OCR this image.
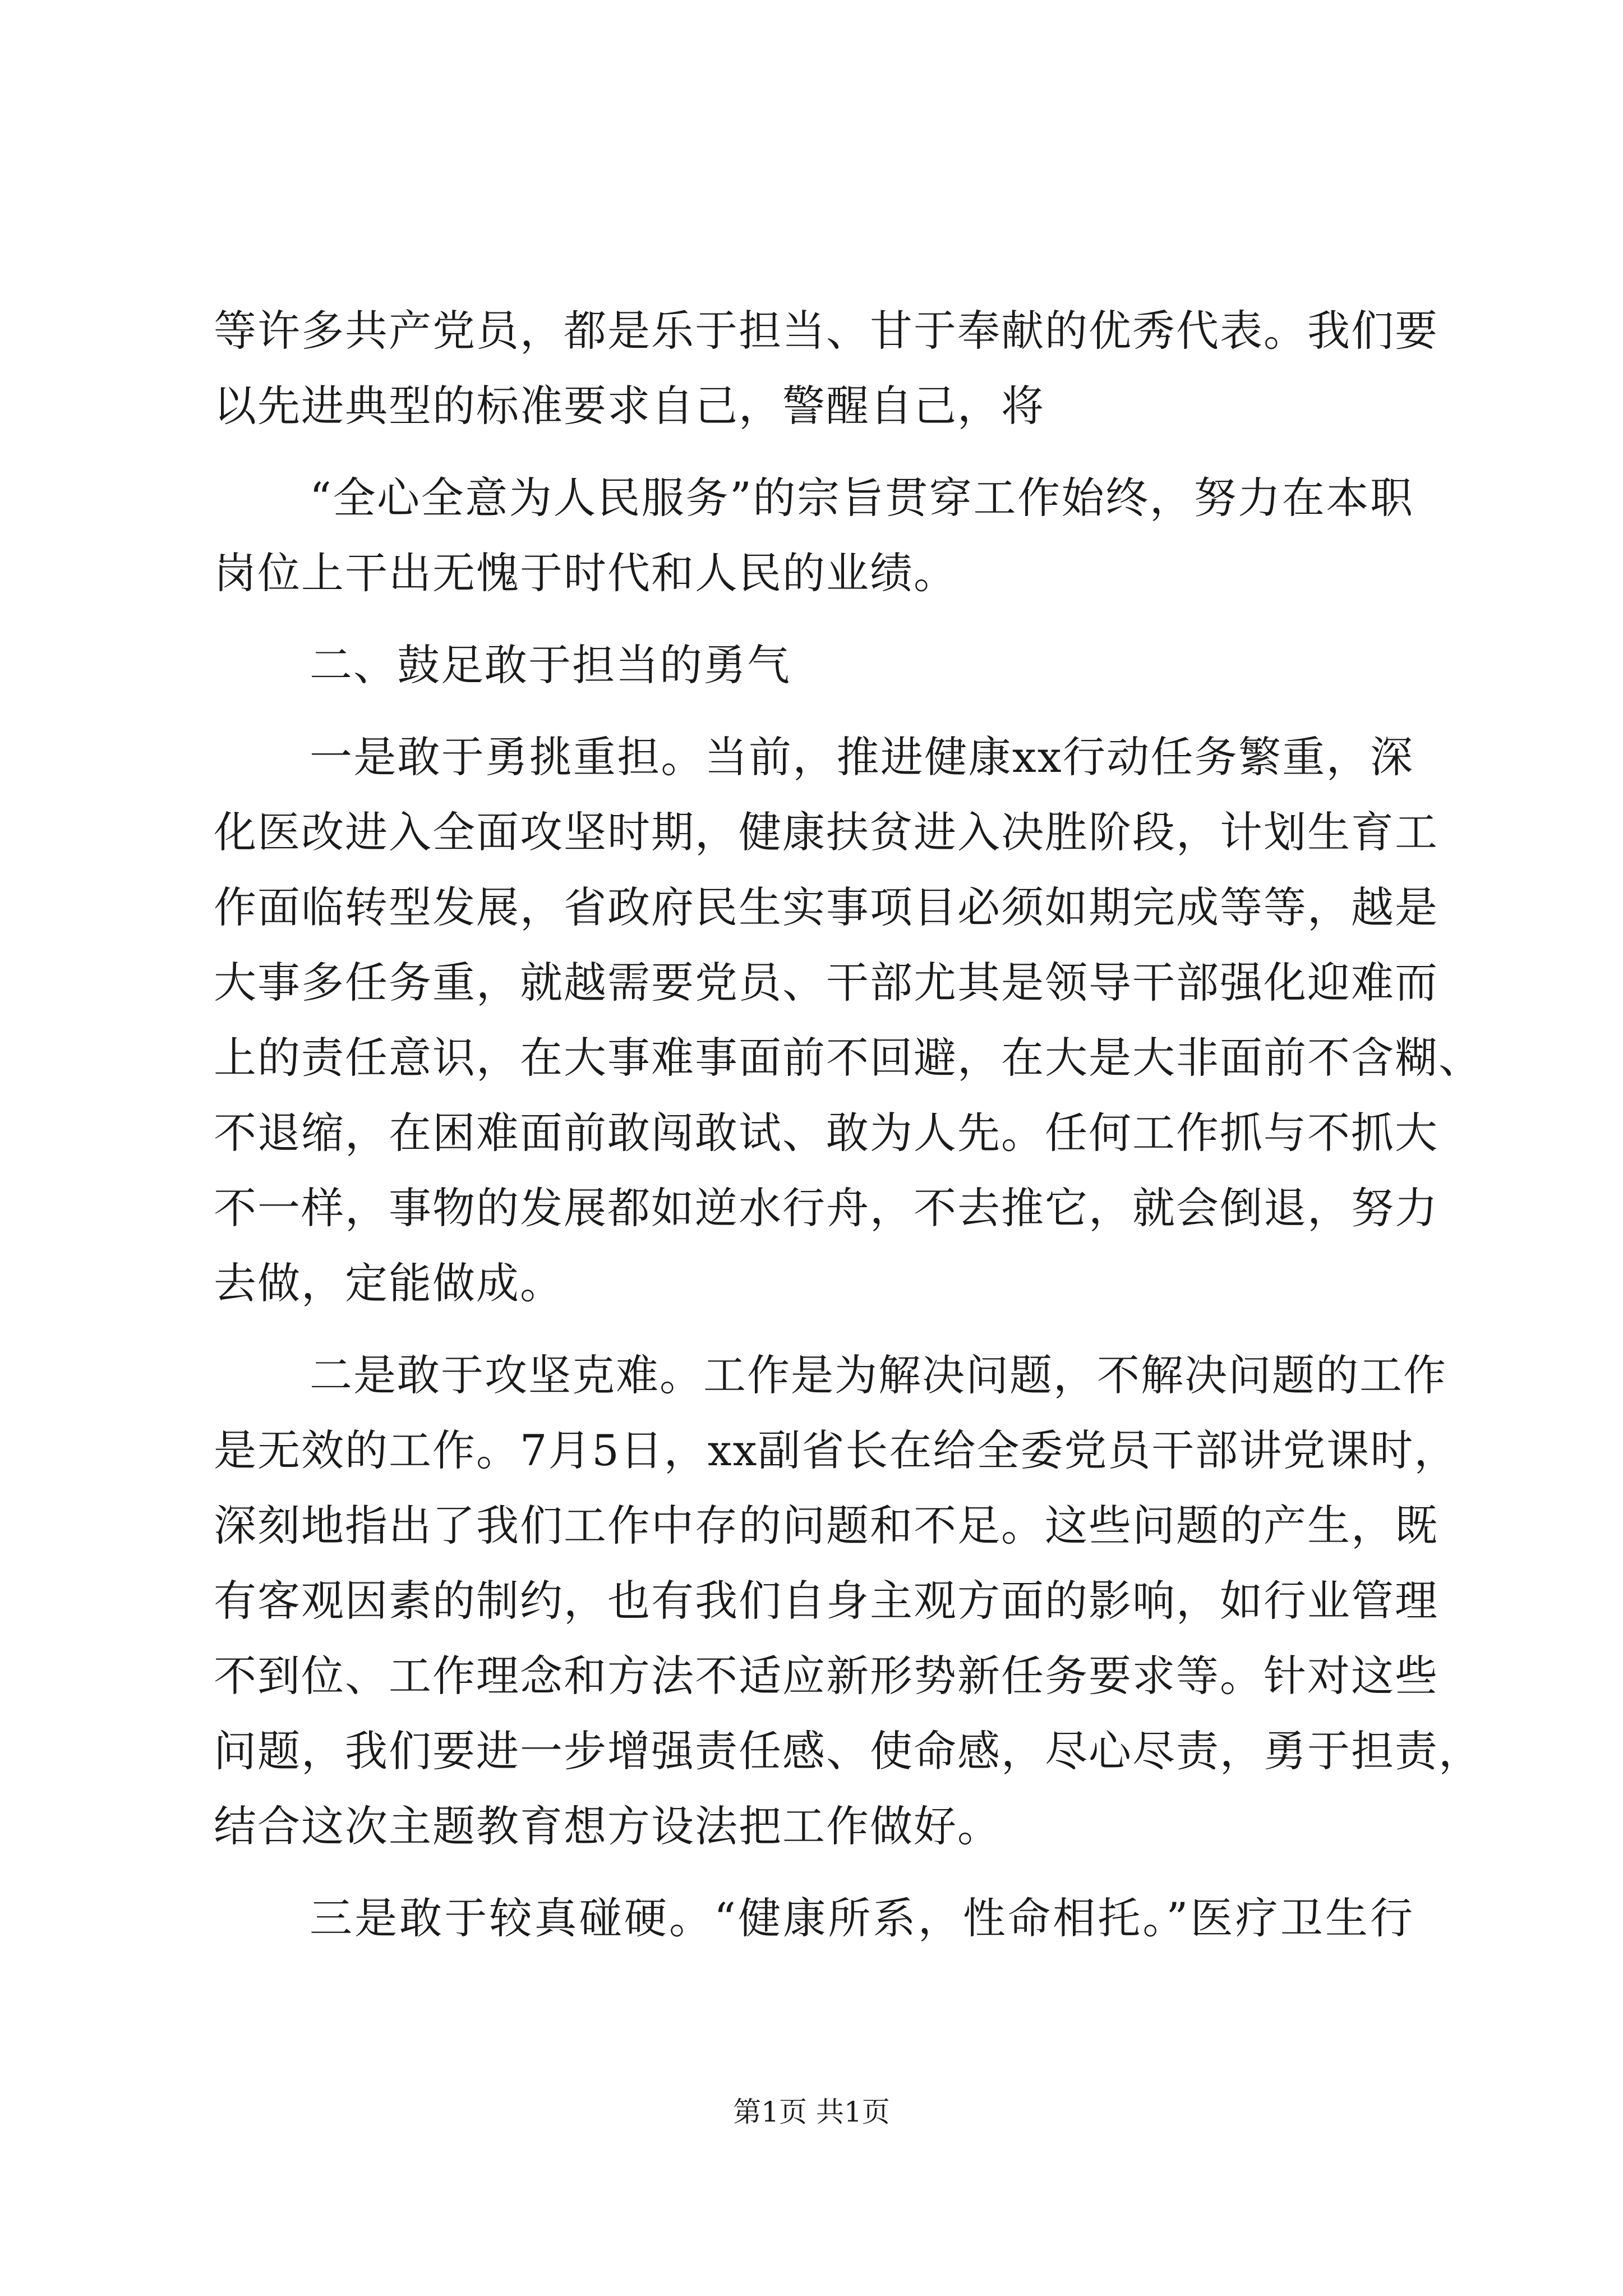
等许多共产党员，都是乐于担当、甘于奉献的优秀代表。我们要
以先进典型的标准要求自己，警醒自己，将
“全心全意为人民服务”的宗旨贯穿工作始终，努力在本职
岗位上干出无愧于时代和人民的业绩。
二、鼓足敢于担当的勇气
一是敢于勇挑重担。当前，推进健康xx行动任务繁重，深
化医改进入全面攻坚时期，健康扶贫进入决胜阶段，计划生育工
作面临转型发展，省政府民生实事项目必须如期完成等等，越是
大事多任务重，就越需要党员、干部尤其是领导干部强化迎难而
上的责任意识，在大事难事面前不回避，在大是大非面前不含糊、
不退缩，在困难面前敢闯敢试、敢为人先。任何工作抓与不抓大
不一样，事物的发展都如逆水行舟，不去推它，就会倒退，努力
去做，定能做成。
二是敢于攻坚克难。工作是为解决问题，不解决问题的工作
是无效的工作。7月5日，xx副省长在给全委党员干部讲党课时，
深刻地指出了我们工作中存的问题和不足。这些问题的产生，既
有客观因素的制约，也有我们自身主观方面的影响，如行业管理
不到位、工作理念和方法不适应新形势新任务要求等。针对这些
问题，我们要进一步增强责任感、使命感，尽心尽责，勇于担责，
结合这次主题教育想方设法把工作做好。
三是敢于较真碰硬。“健康所系，性命相托。”医疗卫生行
第1页 共1页
